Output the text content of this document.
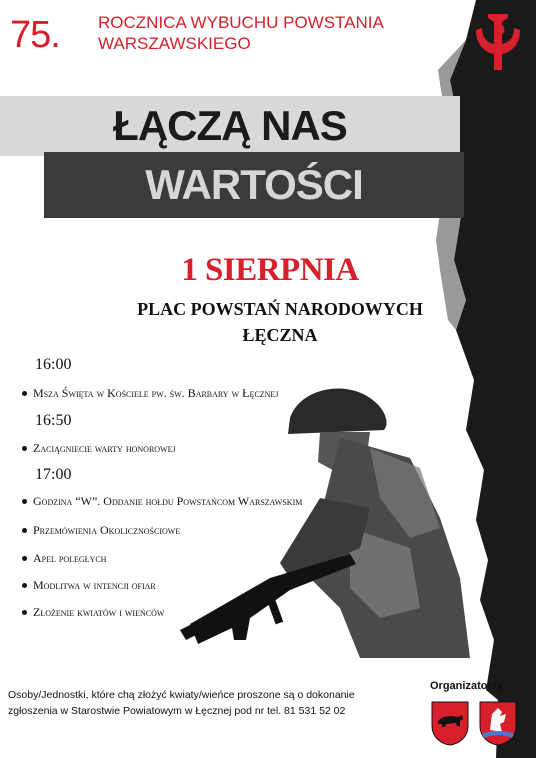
75. ROCZNICA WYBUCHU POWSTANIA
WARSZAWSKIEGO
ŁĄCZĄ NAS
WARTOŚCI
1 SIERPNIA
PLAC POWSTAŃ NARODOWYCH
ŁĘCZNA
16:00
Msza Święta w Kościele pw. św. Barbary w Łęcznej
16:50
Zaciągniecie warty honorowej
17:00
Godzina “W”. Oddanie hołdu Powstańcom Warszawskim
Przemówienia Okolicznościowe
Apel poległych
Modlitwa w intencji ofiar
Złożenie kwiatów i wieńców
Osoby/Jednostki, które chą złożyć kwiaty/wieńce proszone są o dokonanie
zgłoszenia w Starostwie Powiatowym w Łęcznej pod nr tel. 81 531 52 02
Organizatorzy
